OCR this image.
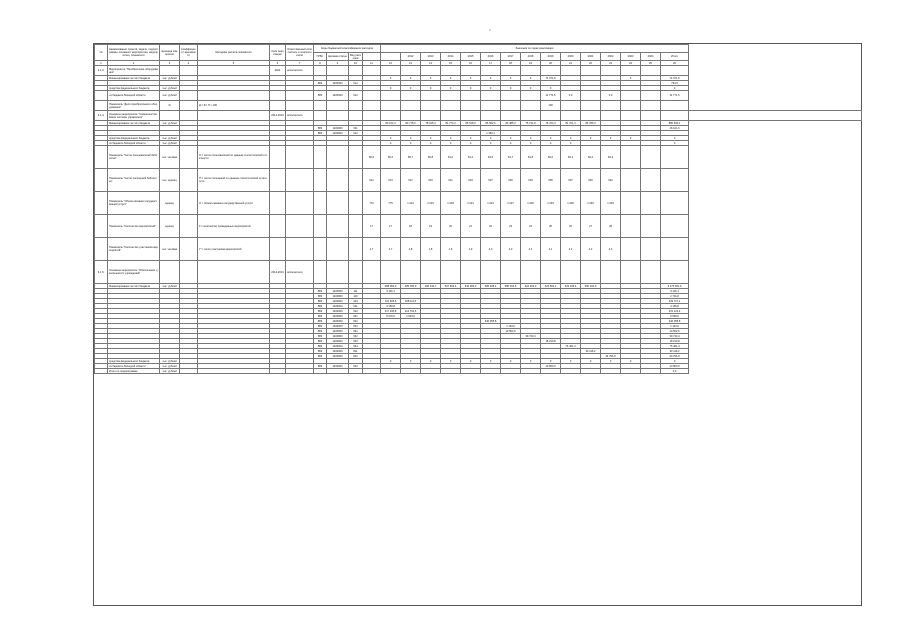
„
№	Наименование проекта, задачи, подпрограммы, основного мероприятия, мероприятия, показателя	Единица измерения	Коэффициент значимости	Методика расчёта показателя	Срок реализации	Ответственный исполнитель и соисполнители	Коды бюджетной классификации расходов				Значения по годам реализации															
							ГРБС	Целевая статья	Вид расходов			2012	2013	2014	2015	2016	2017	2018	2019	2020	2021	2022	2023	2024	Итого	
1	2	3	4	5	6	7	8	9	10	11	12	13	14	15	16	17	18	19	20	21	22	23	24	25	26	
3.1.3.	Мероприятие "Приобретение оборудования"				2022	исполнители																				
	Финансирование за счёт бюджета	тыс. рублей									0	0	0	0	0	0	0	0	71 071,5				0		71 071,5	
							883	1400000	612																764,5	
	средства федерального бюджета	тыс. рублей									0	0	0	0	0	0	0	0	0						0	
	из бюджета Липецкой области	тыс. рублей					883	1400000	612										11 771,5	0,0		0,0			11 771,5	
	Показатель "Доля приобретённого оборудования"	%		Д = Ф / П × 100															100							
3.1.4.	Основное мероприятие "Совершенствование системы управления"				2014-2024	исполнители																				
	Финансирование за счёт бюджета	тыс. рублей									80 102,4	80 778,0	78 015,4	81 770,4	86 518,0	86 562,6	83 485,3	75 741,8	75 704,4	81 701,4	86 786,3				880 840,1	
							883	1400000	611																16 101,6	
							883	1400000	612							1 363,1										
	средства федерального бюджета	тыс. рублей									0	0	0	0	0	0	0	0	0	0	0	0	0		0	
	из бюджета Липецкой области	тыс. рублей									0	0	0	0	0	0	0	0	0	0					0	
	Показатель "Число пользователей библиотек"	тыс. человек		П = число пользователей по данным статистической отчётности						80,5	80,6	80,7	80,8	81,0	81,2	81,5	81,7	81,8	82,0	82,1	82,2	82,3				
	Показатель "Число посещений библиотек"	тыс. единиц		П = число посещений по данным статистической отчётности						612	613	617	619	621	624	627	630	633	635	637	640	642				
	Показатель "Объём оказания государственной услуги"	единиц		О = объём оказания государственной услуги						772	775	1 012	1 015	1 018	1 021	1 024	1 027	1 030	1 033	1 036	1 040	1 045				
	Показатель "Количество мероприятий"	единиц		К = количество проведённых мероприятий						17	17	18	19	20	21	22	23	24	25	26	27	28				
	Показатель "Количество участников мероприятий"	тыс. человек		У = число участников мероприятий						1,7	1,7	1,8	1,8	1,9	1,9	2,0	2,0	2,1	2,1	2,2	2,2	2,3				
3.1.5.	Основное мероприятие "Обеспечение деятельности учреждений"				2014-2024	исполнители																				
	Финансирование за счёт бюджета	тыс. рублей									488 063,0	485 784,0	496 442,7	507 602,4	544 306,0	586 328,1	580 162,5	604 203,3	622 504,1	633 245,4	650 210,0				6 175 061,6	
							883	1400000	111		9 116,1														9 116,1	
							883	1400000	119																2 791,8	
							883	1400000	244		101 605,6	108 111,5													209 717,1	
							883	1400000	611		3 166,8														3 166,8	
							883	1400000	612		217 330,8	213 791,6													431 122,4	
							883	1400000	621		5 070,0	1 523,6													6 593,6	
							883	1400000	622							346 355,8									346 355,8	
							883	1400000	623								1 143,0								1 143,0	
							883	1400000	631								10 502,6								10 502,6	
							883	1400000	632									39 743,4							39 743,4	
							883	1400000	633										18 210,8						18 210,8	
							883	1400000	634											75 461,4					75 461,4	
							883	1400000	811												30 116,2				30 116,2	
							883	1400000	812													44 751,9			44 751,9	
	средства федерального бюджета	тыс. рублей									0	0	0	0	0	0	0	0	0	0	0	0	0		0	
	из бюджета Липецкой области	тыс. рублей					883	1400000	612										13 800,0						13 800,0	
	Итого по подпрограмме	тыс. рублей																							0,0	
